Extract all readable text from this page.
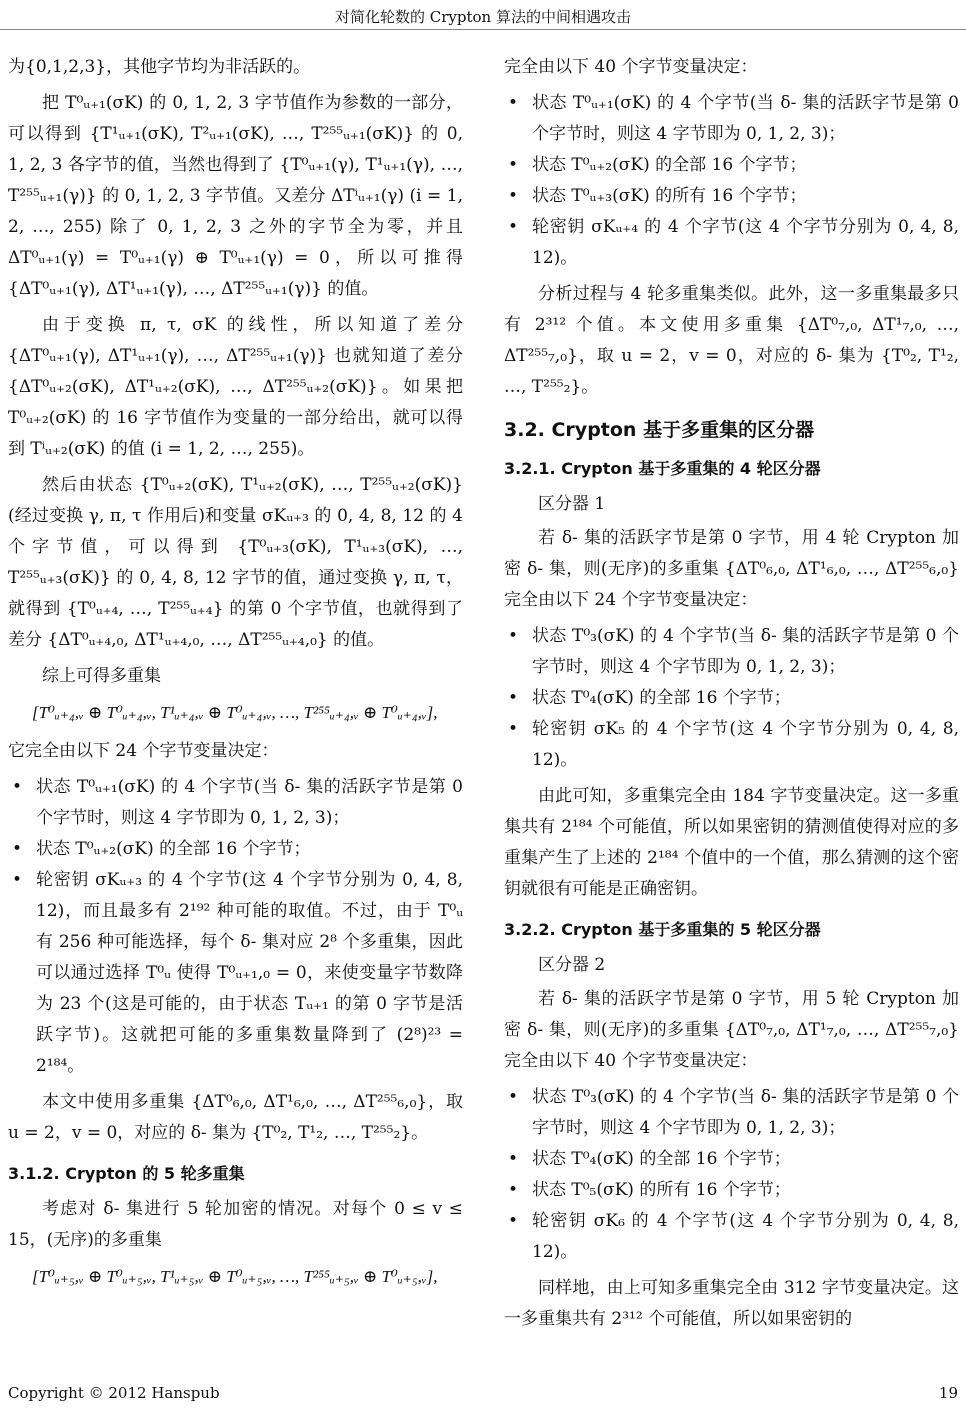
对简化轮数的 Crypton 算法的中间相遇攻击

为{0,1,2,3}，其他字节均为非活跃的。

把 T⁰ᵤ₊₁(σK) 的 0, 1, 2, 3 字节值作为参数的一部分，可以得到 {T¹ᵤ₊₁(σK), T²ᵤ₊₁(σK), …, T²⁵⁵ᵤ₊₁(σK)} 的 0, 1, 2, 3 各字节的值，当然也得到了 {T⁰ᵤ₊₁(γ), T¹ᵤ₊₁(γ), …, T²⁵⁵ᵤ₊₁(γ)} 的 0, 1, 2, 3 字节值。又差分 ΔTⁱᵤ₊₁(γ) (i = 1, 2, …, 255) 除了 0, 1, 2, 3 之外的字节全为零，并且 ΔT⁰ᵤ₊₁(γ) = T⁰ᵤ₊₁(γ) ⊕ T⁰ᵤ₊₁(γ) = 0，所以可推得 {ΔT⁰ᵤ₊₁(γ), ΔT¹ᵤ₊₁(γ), …, ΔT²⁵⁵ᵤ₊₁(γ)} 的值。

由于变换 π, τ, σK 的线性，所以知道了差分 {ΔT⁰ᵤ₊₁(γ), ΔT¹ᵤ₊₁(γ), …, ΔT²⁵⁵ᵤ₊₁(γ)} 也就知道了差分 {ΔT⁰ᵤ₊₂(σK), ΔT¹ᵤ₊₂(σK), …, ΔT²⁵⁵ᵤ₊₂(σK)}。如果把 T⁰ᵤ₊₂(σK) 的 16 字节值作为变量的一部分给出，就可以得到 Tⁱᵤ₊₂(σK) 的值 (i = 1, 2, …, 255)。

然后由状态 {T⁰ᵤ₊₂(σK), T¹ᵤ₊₂(σK), …, T²⁵⁵ᵤ₊₂(σK)} (经过变换 γ, π, τ 作用后)和变量 σKᵤ₊₃ 的 0, 4, 8, 12 的 4 个字节值，可以得到 {T⁰ᵤ₊₃(σK), T¹ᵤ₊₃(σK), …, T²⁵⁵ᵤ₊₃(σK)} 的 0, 4, 8, 12 字节的值，通过变换 γ, π, τ，就得到 {T⁰ᵤ₊₄, …, T²⁵⁵ᵤ₊₄} 的第 0 个字节值，也就得到了差分 {ΔT⁰ᵤ₊₄,₀, ΔT¹ᵤ₊₄,₀, …, ΔT²⁵⁵ᵤ₊₄,₀} 的值。

综上可得多重集

[T⁰ᵤ₊₄,ᵥ ⊕ T⁰ᵤ₊₄,ᵥ, T¹ᵤ₊₄,ᵥ ⊕ T⁰ᵤ₊₄,ᵥ, …, T²⁵⁵ᵤ₊₄,ᵥ ⊕ T⁰ᵤ₊₄,ᵥ],

它完全由以下 24 个字节变量决定：

• 状态 T⁰ᵤ₊₁(σK) 的 4 个字节(当 δ- 集的活跃字节是第 0 个字节时，则这 4 字节即为 0, 1, 2, 3)；
• 状态 T⁰ᵤ₊₂(σK) 的全部 16 个字节；
• 轮密钥 σKᵤ₊₃ 的 4 个字节(这 4 个字节分别为 0, 4, 8, 12)，而且最多有 2¹⁹² 种可能的取值。不过，由于 T⁰ᵤ 有 256 种可能选择，每个 δ- 集对应 2⁸ 个多重集，因此可以通过选择 T⁰ᵤ 使得 T⁰ᵤ₊₁,₀ = 0，来使变量字节数降为 23 个(这是可能的，由于状态 Tᵤ₊₁ 的第 0 字节是活跃字节)。这就把可能的多重集数量降到了 (2⁸)²³ = 2¹⁸⁴。

本文中使用多重集 {ΔT⁰₆,₀, ΔT¹₆,₀, …, ΔT²⁵⁵₆,₀}，取 u = 2，v = 0，对应的 δ- 集为 {T⁰₂, T¹₂, …, T²⁵⁵₂}。

3.1.2. Crypton 的 5 轮多重集

考虑对 δ- 集进行 5 轮加密的情况。对每个 0 ≤ v ≤ 15，(无序)的多重集

[T⁰ᵤ₊₅,ᵥ ⊕ T⁰ᵤ₊₅,ᵥ, T¹ᵤ₊₅,ᵥ ⊕ T⁰ᵤ₊₅,ᵥ, …, T²⁵⁵ᵤ₊₅,ᵥ ⊕ T⁰ᵤ₊₅,ᵥ],

完全由以下 40 个字节变量决定：

• 状态 T⁰ᵤ₊₁(σK) 的 4 个字节(当 δ- 集的活跃字节是第 0 个字节时，则这 4 字节即为 0, 1, 2, 3)；
• 状态 T⁰ᵤ₊₂(σK) 的全部 16 个字节；
• 状态 T⁰ᵤ₊₃(σK) 的所有 16 个字节；
• 轮密钥 σKᵤ₊₄ 的 4 个字节(这 4 个字节分别为 0, 4, 8, 12)。

分析过程与 4 轮多重集类似。此外，这一多重集最多只有 2³¹² 个值。本文使用多重集 {ΔT⁰₇,₀, ΔT¹₇,₀, …, ΔT²⁵⁵₇,₀}，取 u = 2，v = 0，对应的 δ- 集为 {T⁰₂, T¹₂, …, T²⁵⁵₂}。

3.2. Crypton 基于多重集的区分器
3.2.1. Crypton 基于多重集的 4 轮区分器

区分器 1

若 δ- 集的活跃字节是第 0 字节，用 4 轮 Crypton 加密 δ- 集，则(无序)的多重集 {ΔT⁰₆,₀, ΔT¹₆,₀, …, ΔT²⁵⁵₆,₀} 完全由以下 24 个字节变量决定：

• 状态 T⁰₃(σK) 的 4 个字节(当 δ- 集的活跃字节是第 0 个字节时，则这 4 个字节即为 0, 1, 2, 3)；
• 状态 T⁰₄(σK) 的全部 16 个字节；
• 轮密钥 σK₅ 的 4 个字节(这 4 个字节分别为 0, 4, 8, 12)。

由此可知，多重集完全由 184 字节变量决定。这一多重集共有 2¹⁸⁴ 个可能值，所以如果密钥的猜测值使得对应的多重集产生了上述的 2¹⁸⁴ 个值中的一个值，那么猜测的这个密钥就很有可能是正确密钥。

3.2.2. Crypton 基于多重集的 5 轮区分器

区分器 2

若 δ- 集的活跃字节是第 0 字节，用 5 轮 Crypton 加密 δ- 集，则(无序)的多重集 {ΔT⁰₇,₀, ΔT¹₇,₀, …, ΔT²⁵⁵₇,₀} 完全由以下 40 个字节变量决定：

• 状态 T⁰₃(σK) 的 4 个字节(当 δ- 集的活跃字节是第 0 个字节时，则这 4 个字节即为 0, 1, 2, 3)；
• 状态 T⁰₄(σK) 的全部 16 个字节；
• 状态 T⁰₅(σK) 的所有 16 个字节；
• 轮密钥 σK₆ 的 4 个字节(这 4 个字节分别为 0, 4, 8, 12)。

同样地，由上可知多重集完全由 312 字节变量决定。这一多重集共有 2³¹² 个可能值，所以如果密钥的

Copyright © 2012 Hanspub	19
